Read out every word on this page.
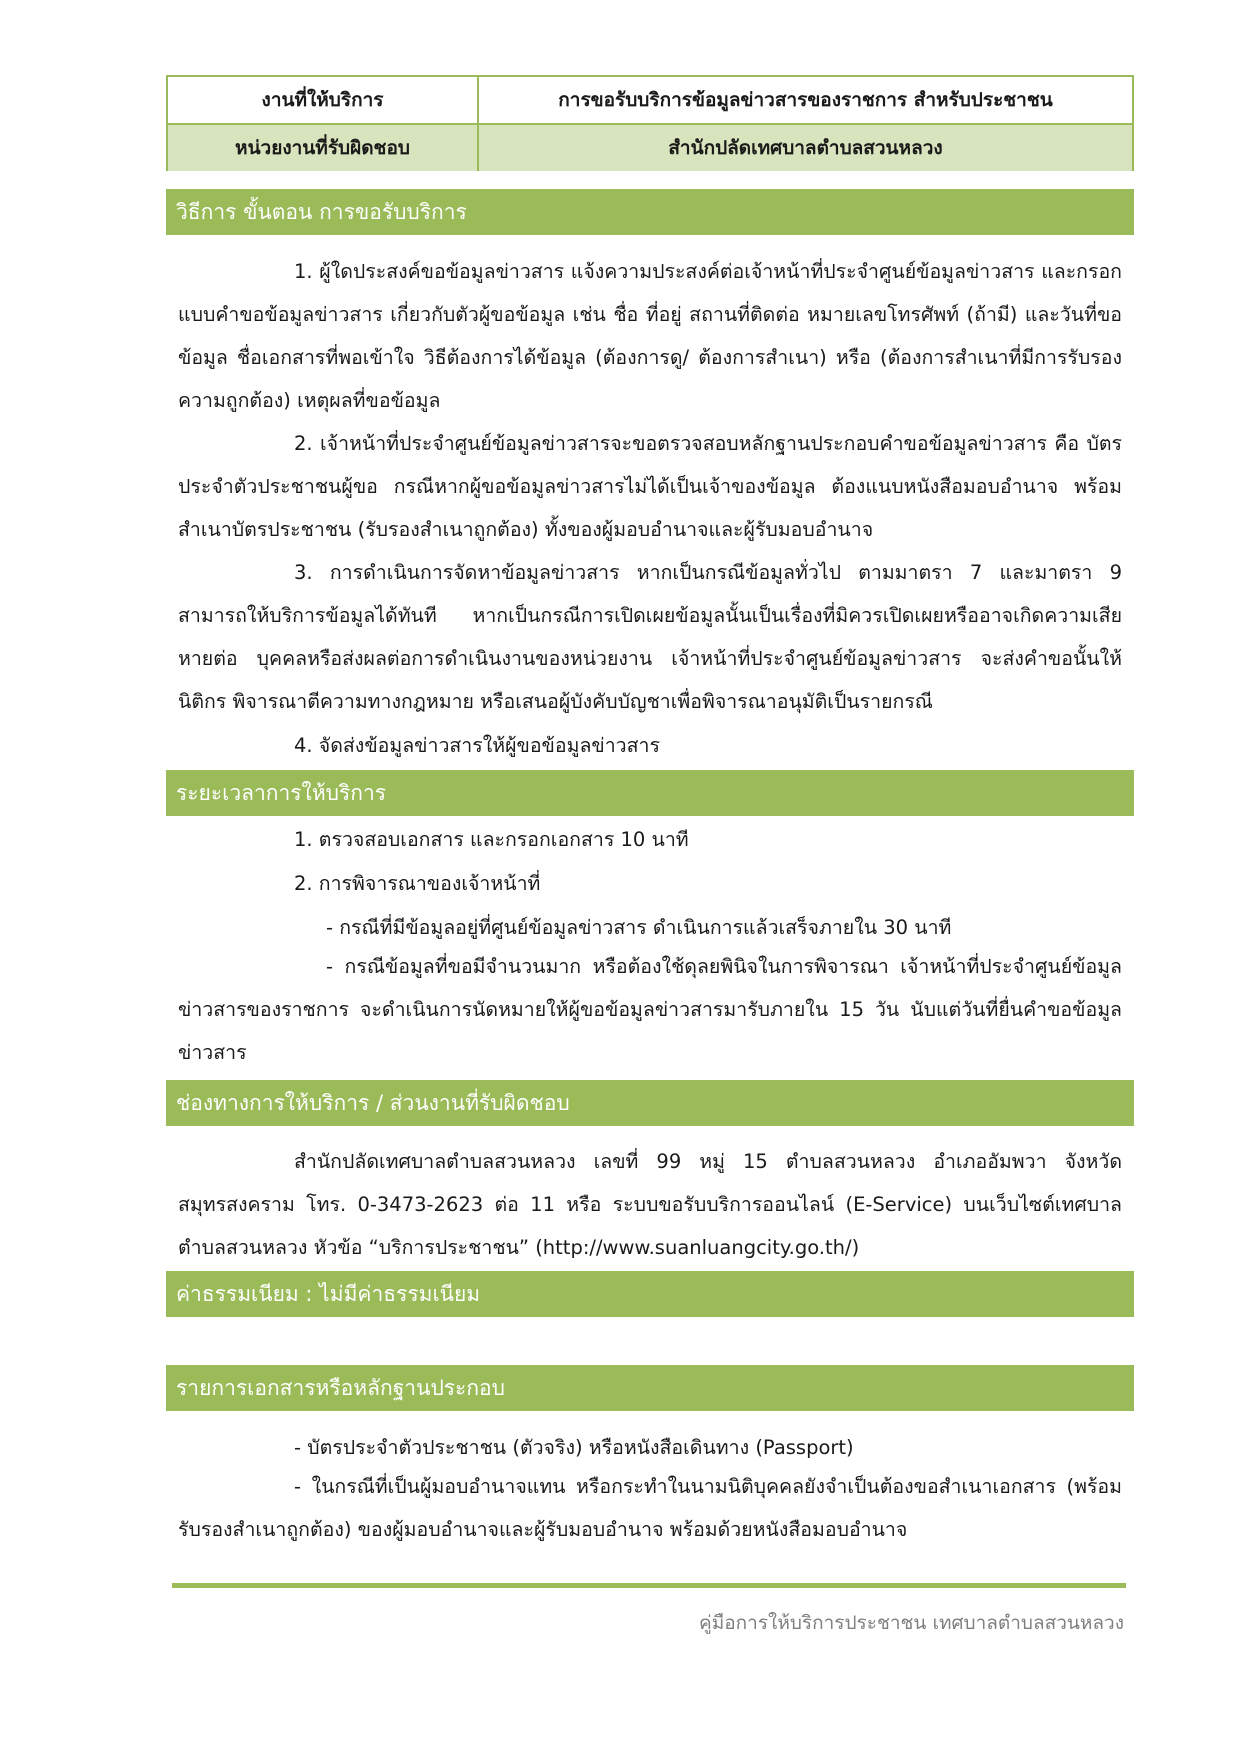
งานที่ให้บริการ	การขอรับบริการข้อมูลข่าวสารของราชการ สำหรับประชาชน
หน่วยงานที่รับผิดชอบ	สำนักปลัดเทศบาลตำบลสวนหลวง
วิธีการ ขั้นตอน การขอรับบริการ
1. ผู้ใดประสงค์ขอข้อมูลข่าวสาร แจ้งความประสงค์ต่อเจ้าหน้าที่ประจำศูนย์ข้อมูลข่าวสาร และกรอกแบบคำขอข้อมูลข่าวสาร เกี่ยวกับตัวผู้ขอข้อมูล เช่น ชื่อ ที่อยู่ สถานที่ติดต่อ หมายเลขโทรศัพท์ (ถ้ามี) และวันที่ขอข้อมูล ชื่อเอกสารที่พอเข้าใจ วิธีต้องการได้ข้อมูล (ต้องการดู/ ต้องการสำเนา) หรือ (ต้องการสำเนาที่มีการรับรองความถูกต้อง) เหตุผลที่ขอข้อมูล
2. เจ้าหน้าที่ประจำศูนย์ข้อมูลข่าวสารจะขอตรวจสอบหลักฐานประกอบคำขอข้อมูลข่าวสาร คือ บัตรประจำตัวประชาชนผู้ขอ กรณีหากผู้ขอข้อมูลข่าวสารไม่ได้เป็นเจ้าของข้อมูล ต้องแนบหนังสือมอบอำนาจ พร้อมสำเนาบัตรประชาชน (รับรองสำเนาถูกต้อง) ทั้งของผู้มอบอำนาจและผู้รับมอบอำนาจ
3. การดำเนินการจัดหาข้อมูลข่าวสาร หากเป็นกรณีข้อมูลทั่วไป ตามมาตรา 7 และมาตรา 9 สามารถให้บริการข้อมูลได้ทันที หากเป็นกรณีการเปิดเผยข้อมูลนั้นเป็นเรื่องที่มิควรเปิดเผยหรืออาจเกิดความเสียหายต่อ บุคคลหรือส่งผลต่อการดำเนินงานของหน่วยงาน เจ้าหน้าที่ประจำศูนย์ข้อมูลข่าวสาร จะส่งคำขอนั้นให้นิติกร พิจารณาตีความทางกฎหมาย หรือเสนอผู้บังคับบัญชาเพื่อพิจารณาอนุมัติเป็นรายกรณี
4. จัดส่งข้อมูลข่าวสารให้ผู้ขอข้อมูลข่าวสาร
ระยะเวลาการให้บริการ
1. ตรวจสอบเอกสาร และกรอกเอกสาร 10 นาที
2. การพิจารณาของเจ้าหน้าที่
- กรณีที่มีข้อมูลอยู่ที่ศูนย์ข้อมูลข่าวสาร ดำเนินการแล้วเสร็จภายใน 30 นาที
- กรณีข้อมูลที่ขอมีจำนวนมาก หรือต้องใช้ดุลยพินิจในการพิจารณา เจ้าหน้าที่ประจำศูนย์ข้อมูลข่าวสารของราชการ จะดำเนินการนัดหมายให้ผู้ขอข้อมูลข่าวสารมารับภายใน 15 วัน นับแต่วันที่ยื่นคำขอข้อมูลข่าวสาร
ช่องทางการให้บริการ / ส่วนงานที่รับผิดชอบ
สำนักปลัดเทศบาลตำบลสวนหลวง เลขที่ 99 หมู่ 15 ตำบลสวนหลวง อำเภออัมพวา จังหวัดสมุทรสงคราม โทร. 0-3473-2623 ต่อ 11 หรือ ระบบขอรับบริการออนไลน์ (E-Service) บนเว็บไซต์เทศบาลตำบลสวนหลวง หัวข้อ “บริการประชาชน” (http://www.suanluangcity.go.th/)
ค่าธรรมเนียม : ไม่มีค่าธรรมเนียม
รายการเอกสารหรือหลักฐานประกอบ
- บัตรประจำตัวประชาชน (ตัวจริง) หรือหนังสือเดินทาง (Passport)
- ในกรณีที่เป็นผู้มอบอำนาจแทน หรือกระทำในนามนิติบุคคลยังจำเป็นต้องขอสำเนาเอกสาร (พร้อมรับรองสำเนาถูกต้อง) ของผู้มอบอำนาจและผู้รับมอบอำนาจ พร้อมด้วยหนังสือมอบอำนาจ
คู่มือการให้บริการประชาชน เทศบาลตำบลสวนหลวง
